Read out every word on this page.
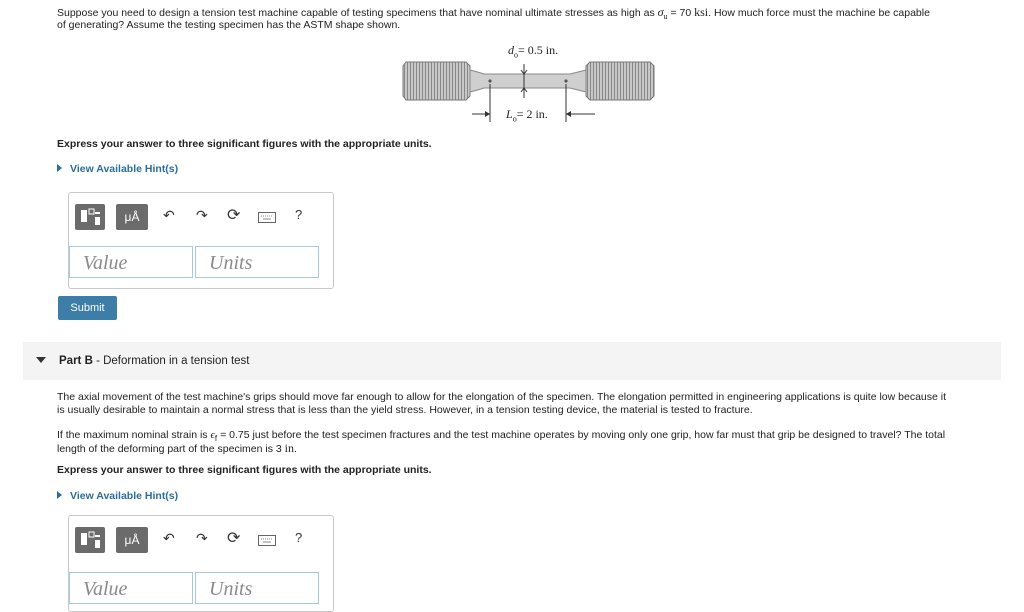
Suppose you need to design a tension test machine capable of testing specimens that have nominal ultimate stresses as high as $\sigma_u = 70$ ksi. How much force must the machine be capable
of generating? Assume the testing specimen has the ASTM shape shown.
$d_o= 0.5$ in.
$L_o= 2$ in.
Express your answer to three significant figures with the appropriate units.
View Available Hint(s)
μÅ	↶ ↷ ⟳	?
Value	Units
Submit
Part B - Deformation in a tension test
The axial movement of the test machine's grips should move far enough to allow for the elongation of the specimen. The elongation permitted in engineering applications is quite low because it
is usually desirable to maintain a normal stress that is less than the yield stress. However, in a tension testing device, the material is tested to fracture.
If the maximum nominal strain is $\epsilon_f = 0.75$ just before the test specimen fractures and the test machine operates by moving only one grip, how far must that grip be designed to travel? The total
length of the deforming part of the specimen is 3 in.
Express your answer to three significant figures with the appropriate units.
View Available Hint(s)
μÅ	↶ ↷ ⟳	?
Value	Units
